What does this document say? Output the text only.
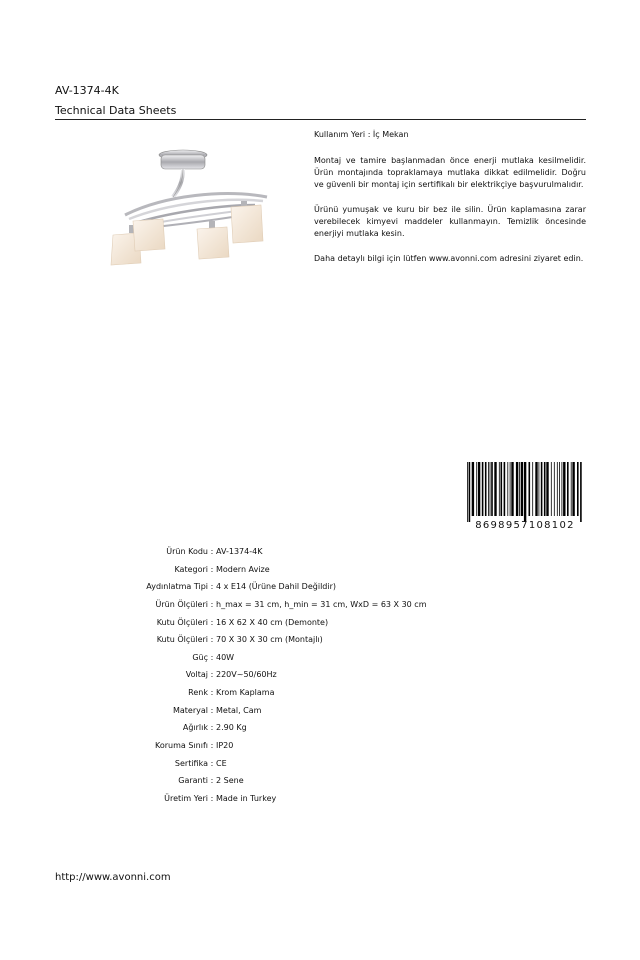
AV-1374-4K
Technical Data Sheets

Kullanım Yeri : İç Mekan

Montaj ve tamire başlanmadan önce enerji mutlaka kesilmelidir. Ürün montajında topraklamaya mutlaka dikkat edilmelidir. Doğru ve güvenli bir montaj için sertifikalı bir elektrikçiye başvurulmalıdır.

Ürünü yumuşak ve kuru bir bez ile silin. Ürün kaplamasına zarar verebilecek kimyevi maddeler kullanmayın. Temizlik öncesinde enerjiyi mutlaka kesin.

Daha detaylı bilgi için lütfen www.avonni.com adresini ziyaret edin.

8698957108102
Ürün Kodu : AV-1374-4K
Kategori : Modern Avize
Aydınlatma Tipi : 4 x E14 (Ürüne Dahil Değildir)
Ürün Ölçüleri : h_max = 31 cm, h_min = 31 cm, WxD = 63 X 30 cm
Kutu Ölçüleri : 16 X 62 X 40 cm (Demonte)
Kutu Ölçüleri : 70 X 30 X 30 cm (Montajlı)
Güç : 40W
Voltaj : 220V~50/60Hz
Renk : Krom Kaplama
Materyal : Metal, Cam
Ağırlık : 2.90 Kg
Koruma Sınıfı : IP20
Sertifika : CE
Garanti : 2 Sene
Üretim Yeri : Made in Turkey
http://www.avonni.com
